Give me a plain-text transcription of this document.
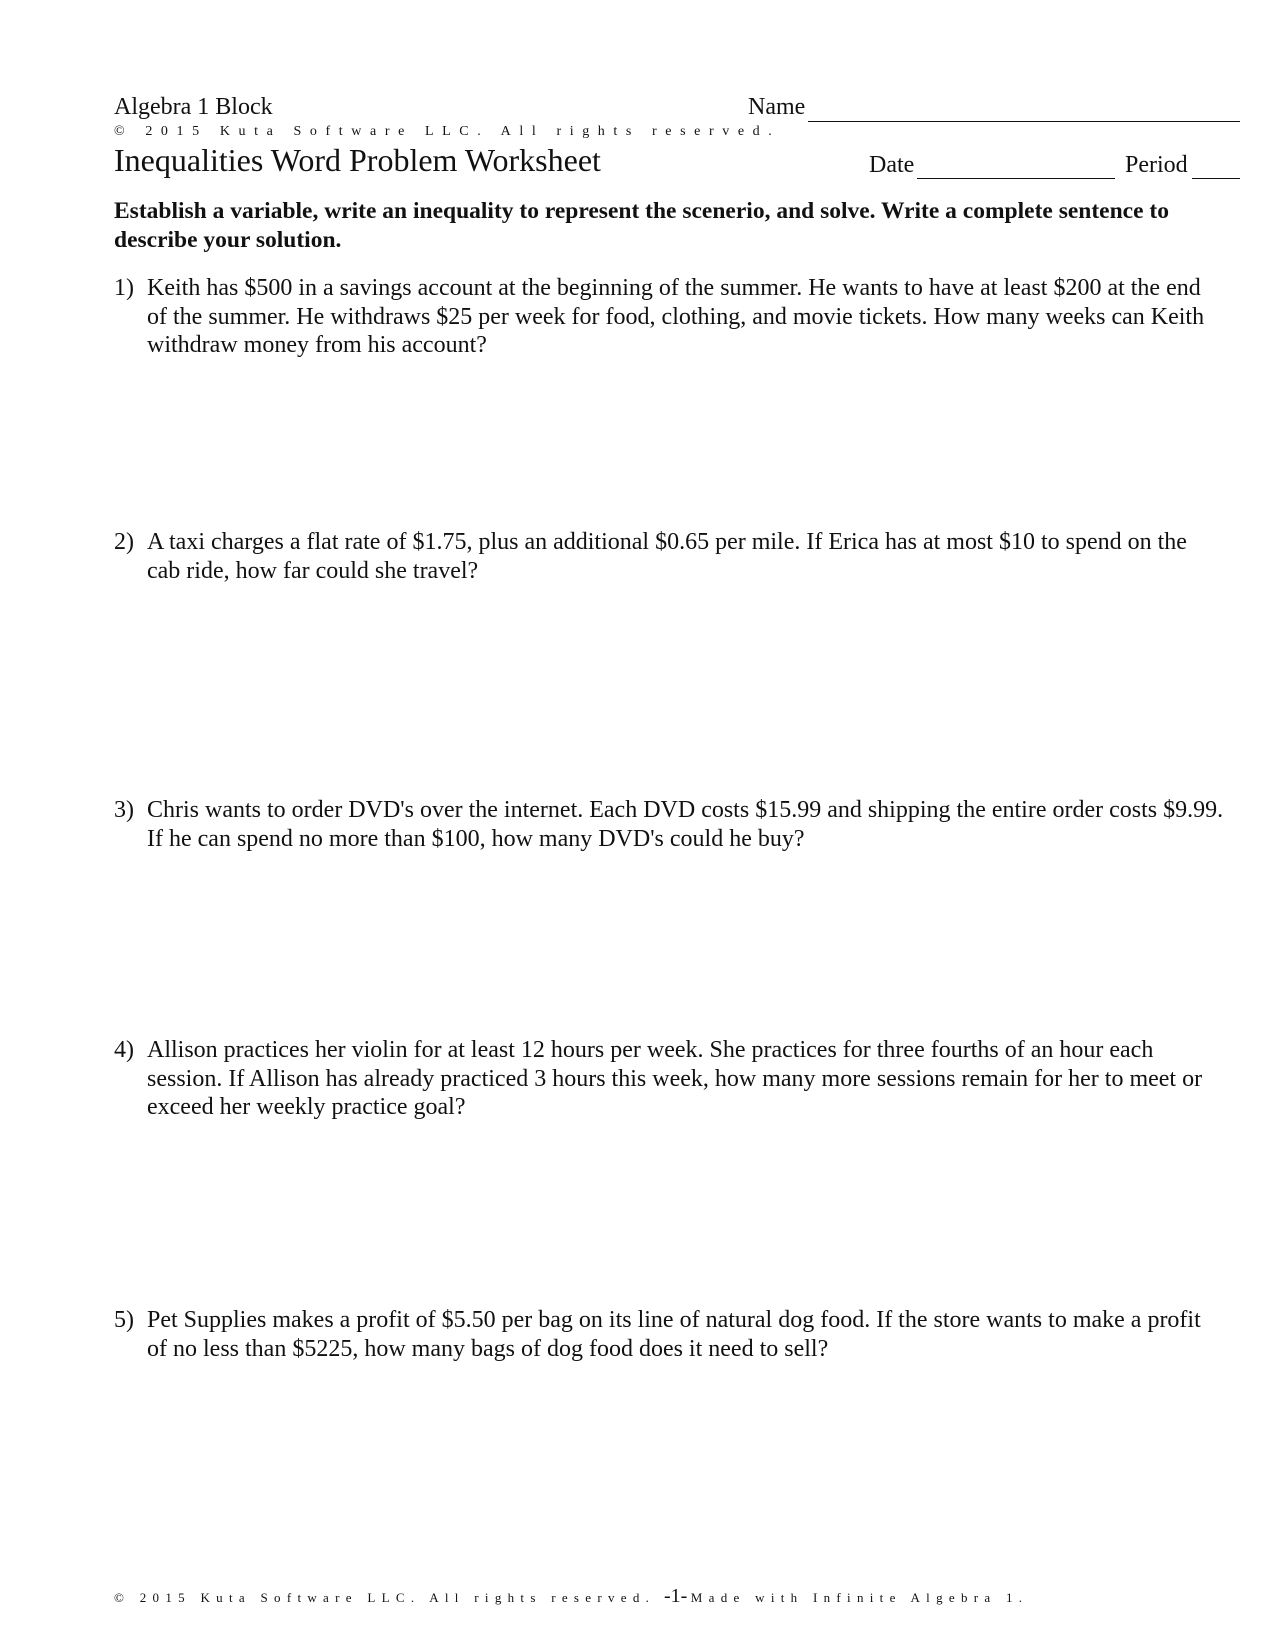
Algebra 1 Block	Name
© 2015 Kuta Software LLC. All rights reserved.
Inequalities Word Problem Worksheet	Date	Period
Establish a variable, write an inequality to represent the scenerio, and solve. Write a complete sentence to describe your solution.
1) Keith has $500 in a savings account at the beginning of the summer. He wants to have at least $200 at the end of the summer. He withdraws $25 per week for food, clothing, and movie tickets. How many weeks can Keith withdraw money from his account?
2) A taxi charges a flat rate of $1.75, plus an additional $0.65 per mile. If Erica has at most $10 to spend on the cab ride, how far could she travel?
3) Chris wants to order DVD's over the internet. Each DVD costs $15.99 and shipping the entire order costs $9.99. If he can spend no more than $100, how many DVD's could he buy?
4) Allison practices her violin for at least 12 hours per week. She practices for three fourths of an hour each session. If Allison has already practiced 3 hours this week, how many more sessions remain for her to meet or exceed her weekly practice goal?
5) Pet Supplies makes a profit of $5.50 per bag on its line of natural dog food. If the store wants to make a profit of no less than $5225, how many bags of dog food does it need to sell?
© 2015 Kuta Software LLC. All rights reserved.	Made with Infinite Algebra 1.
-1-
